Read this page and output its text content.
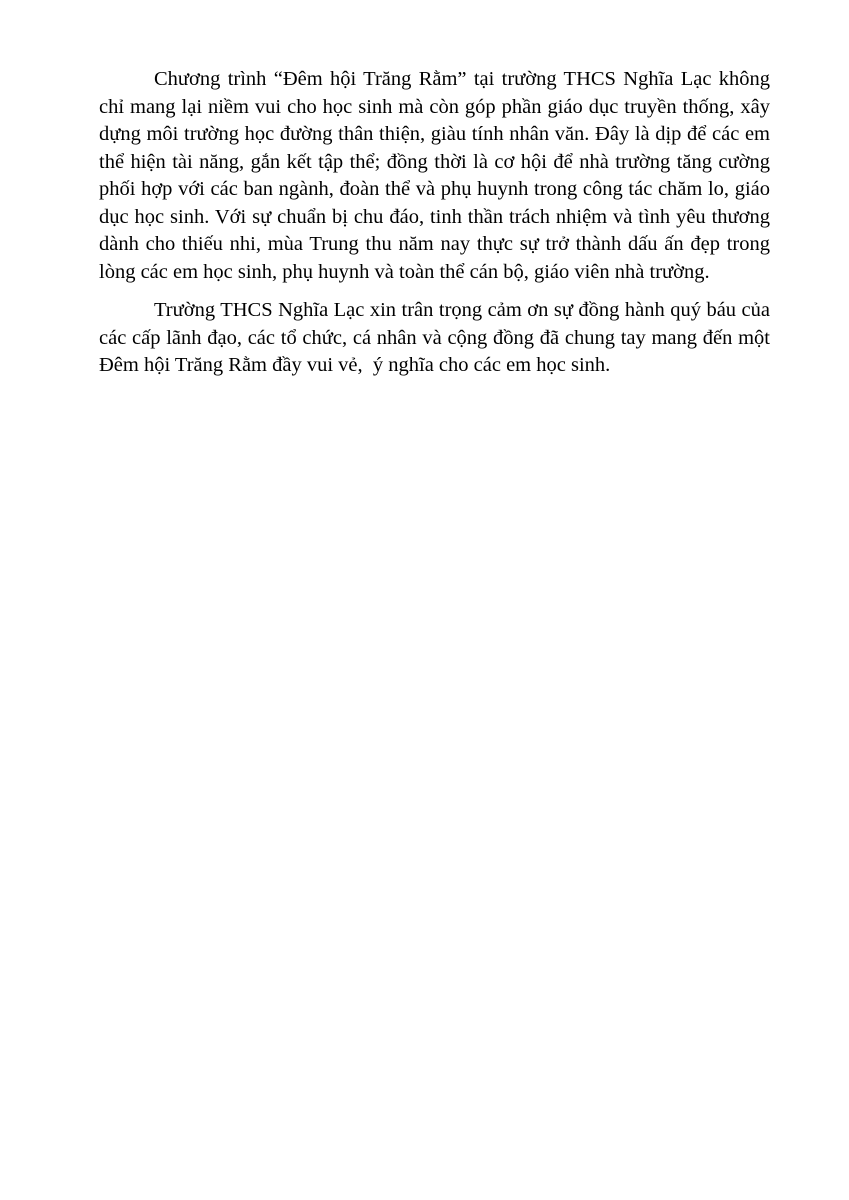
Chương trình “Đêm hội Trăng Rằm” tại trường THCS Nghĩa Lạc không chỉ mang lại niềm vui cho học sinh mà còn góp phần giáo dục truyền thống, xây dựng môi trường học đường thân thiện, giàu tính nhân văn. Đây là dịp để các em thể hiện tài năng, gắn kết tập thể; đồng thời là cơ hội để nhà trường tăng cường phối hợp với các ban ngành, đoàn thể và phụ huynh trong công tác chăm lo, giáo dục học sinh. Với sự chuẩn bị chu đáo, tinh thần trách nhiệm và tình yêu thương dành cho thiếu nhi, mùa Trung thu năm nay thực sự trở thành dấu ấn đẹp trong lòng các em học sinh, phụ huynh và toàn thể cán bộ, giáo viên nhà trường.

Trường THCS Nghĩa Lạc xin trân trọng cảm ơn sự đồng hành quý báu của các cấp lãnh đạo, các tổ chức, cá nhân và cộng đồng đã chung tay mang đến một Đêm hội Trăng Rằm đầy vui vẻ,  ý nghĩa cho các em học sinh.
